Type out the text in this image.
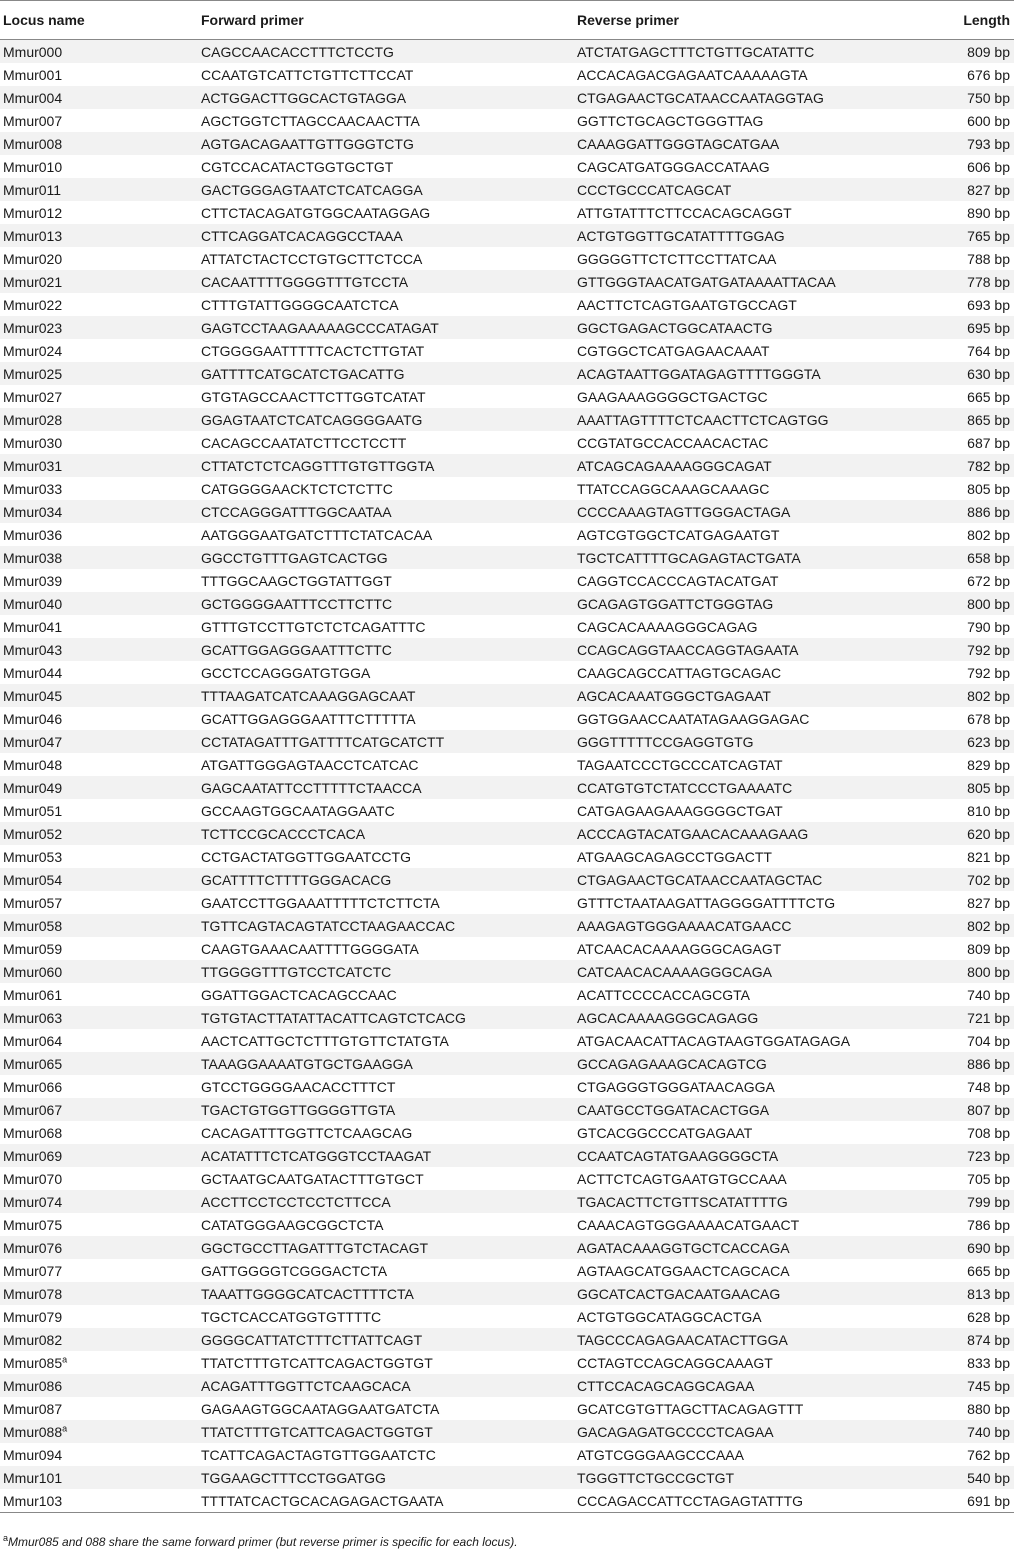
Locus name	Forward primer	Reverse primer	Length
Mmur000	CAGCCAACACCTTTCTCCTG	ATCTATGAGCTTTCTGTTGCATATTC	809 bp
Mmur001	CCAATGTCATTCTGTTCTTCCAT	ACCACAGACGAGAATCAAAAAGTA	676 bp
Mmur004	ACTGGACTTGGCACTGTAGGA	CTGAGAACTGCATAACCAATAGGTAG	750 bp
Mmur007	AGCTGGTCTTAGCCAACAACTTA	GGTTCTGCAGCTGGGTTAG	600 bp
Mmur008	AGTGACAGAATTGTTGGGTCTG	CAAAGGATTGGGTAGCATGAA	793 bp
Mmur010	CGTCCACATACTGGTGCTGT	CAGCATGATGGGACCATAAG	606 bp
Mmur011	GACTGGGAGTAATCTCATCAGGA	CCCTGCCCATCAGCAT	827 bp
Mmur012	CTTCTACAGATGTGGCAATAGGAG	ATTGTATTTCTTCCACAGCAGGT	890 bp
Mmur013	CTTCAGGATCACAGGCCTAAA	ACTGTGGTTGCATATTTTGGAG	765 bp
Mmur020	ATTATCTACTCCTGTGCTTCTCCA	GGGGGTTCTCTTCCTTATCAA	788 bp
Mmur021	CACAATTTTGGGGTTTGTCCTA	GTTGGGTAACATGATGATAAAATTACAA	778 bp
Mmur022	CTTTGTATTGGGGCAATCTCA	AACTTCTCAGTGAATGTGCCAGT	693 bp
Mmur023	GAGTCCTAAGAAAAAGCCCATAGAT	GGCTGAGACTGGCATAACTG	695 bp
Mmur024	CTGGGGAATTTTTCACTCTTGTAT	CGTGGCTCATGAGAACAAAT	764 bp
Mmur025	GATTTTCATGCATCTGACATTG	ACAGTAATTGGATAGAGTTTTGGGTA	630 bp
Mmur027	GTGTAGCCAACTTCTTGGTCATAT	GAAGAAAGGGGCTGACTGC	665 bp
Mmur028	GGAGTAATCTCATCAGGGGAATG	AAATTAGTTTTCTCAACTTCTCAGTGG	865 bp
Mmur030	CACAGCCAATATCTTCCTCCTT	CCGTATGCCACCAACACTAC	687 bp
Mmur031	CTTATCTCTCAGGTTTGTGTTGGTA	ATCAGCAGAAAAGGGCAGAT	782 bp
Mmur033	CATGGGGAACKTCTCTCTTC	TTATCCAGGCAAAGCAAAGC	805 bp
Mmur034	CTCCAGGGATTTGGCAATAA	CCCCAAAGTAGTTGGGACTAGA	886 bp
Mmur036	AATGGGAATGATCTTTCTATCACAA	AGTCGTGGCTCATGAGAATGT	802 bp
Mmur038	GGCCTGTTTGAGTCACTGG	TGCTCATTTTGCAGAGTACTGATA	658 bp
Mmur039	TTTGGCAAGCTGGTATTGGT	CAGGTCCACCCAGTACATGAT	672 bp
Mmur040	GCTGGGGAATTTCCTTCTTC	GCAGAGTGGATTCTGGGTAG	800 bp
Mmur041	GTTTGTCCTTGTCTCTCAGATTTC	CAGCACAAAAGGGCAGAG	790 bp
Mmur043	GCATTGGAGGGAATTTCTTC	CCAGCAGGTAACCAGGTAGAATA	792 bp
Mmur044	GCCTCCAGGGATGTGGA	CAAGCAGCCATTAGTGCAGAC	792 bp
Mmur045	TTTAAGATCATCAAAGGAGCAAT	AGCACAAATGGGCTGAGAAT	802 bp
Mmur046	GCATTGGAGGGAATTTCTTTTTA	GGTGGAACCAATATAGAAGGAGAC	678 bp
Mmur047	CCTATAGATTTGATTTTCATGCATCTT	GGGTTTTTCCGAGGTGTG	623 bp
Mmur048	ATGATTGGGAGTAACCTCATCAC	TAGAATCCCTGCCCATCAGTAT	829 bp
Mmur049	GAGCAATATTCCTTTTTCTAACCA	CCATGTGTCTATCCCTGAAAATC	805 bp
Mmur051	GCCAAGTGGCAATAGGAATC	CATGAGAAGAAAGGGGCTGAT	810 bp
Mmur052	TCTTCCGCACCCTCACA	ACCCAGTACATGAACACAAAGAAG	620 bp
Mmur053	CCTGACTATGGTTGGAATCCTG	ATGAAGCAGAGCCTGGACTT	821 bp
Mmur054	GCATTTTCTTTTGGGACACG	CTGAGAACTGCATAACCAATAGCTAC	702 bp
Mmur057	GAATCCTTGGAAATTTTTCTCTTCTA	GTTTCTAATAAGATTAGGGGATTTTCTG	827 bp
Mmur058	TGTTCAGTACAGTATCCTAAGAACCAC	AAAGAGTGGGAAAACATGAACC	802 bp
Mmur059	CAAGTGAAACAATTTTGGGGATA	ATCAACACAAAAGGGCAGAGT	809 bp
Mmur060	TTGGGGTTTGTCCTCATCTC	CATCAACACAAAAGGGCAGA	800 bp
Mmur061	GGATTGGACTCACAGCCAAC	ACATTCCCCACCAGCGTA	740 bp
Mmur063	TGTGTACTTATATTACATTCAGTCTCACG	AGCACAAAAGGGCAGAGG	721 bp
Mmur064	AACTCATTGCTCTTTGTGTTCTATGTA	ATGACAACATTACAGTAAGTGGATAGAGA	704 bp
Mmur065	TAAAGGAAAATGTGCTGAAGGA	GCCAGAGAAAGCACAGTCG	886 bp
Mmur066	GTCCTGGGGAACACCTTTCT	CTGAGGGTGGGATAACAGGA	748 bp
Mmur067	TGACTGTGGTTGGGGTTGTA	CAATGCCTGGATACACTGGA	807 bp
Mmur068	CACAGATTTGGTTCTCAAGCAG	GTCACGGCCCATGAGAAT	708 bp
Mmur069	ACATATTTCTCATGGGTCCTAAGAT	CCAATCAGTATGAAGGGGCTA	723 bp
Mmur070	GCTAATGCAATGATACTTTGTGCT	ACTTCTCAGTGAATGTGCCAAA	705 bp
Mmur074	ACCTTCCTCCTCCTCTTCCA	TGACACTTCTGTTSCATATTTTG	799 bp
Mmur075	CATATGGGAAGCGGCTCTA	CAAACAGTGGGAAAACATGAACT	786 bp
Mmur076	GGCTGCCTTAGATTTGTCTACAGT	AGATACAAAGGTGCTCACCAGA	690 bp
Mmur077	GATTGGGGTCGGGACTCTA	AGTAAGCATGGAACTCAGCACA	665 bp
Mmur078	TAAATTGGGGCATCACTTTTCTA	GGCATCACTGACAATGAACAG	813 bp
Mmur079	TGCTCACCATGGTGTTTTC	ACTGTGGCATAGGCACTGA	628 bp
Mmur082	GGGGCATTATCTTTCTTATTCAGT	TAGCCCAGAGAACATACTTGGA	874 bp
Mmur085$^a$	TTATCTTTGTCATTCAGACTGGTGT	CCTAGTCCAGCAGGCAAAGT	833 bp
Mmur086	ACAGATTTGGTTCTCAAGCACA	CTTCCACAGCAGGCAGAA	745 bp
Mmur087	GAGAAGTGGCAATAGGAATGATCTA	GCATCGTGTTAGCTTACAGAGTTT	880 bp
Mmur088$^a$	TTATCTTTGTCATTCAGACTGGTGT	GACAGAGATGCCCCTCAGAA	740 bp
Mmur094	TCATTCAGACTAGTGTTGGAATCTC	ATGTCGGGAAGCCCAAA	762 bp
Mmur101	TGGAAGCTTTCCTGGATGG	TGGGTTCTGCCGCTGT	540 bp
Mmur103	TTTTATCACTGCACAGAGACTGAATA	CCCAGACCATTCCTAGAGTATTTG	691 bp
$^a$Mmur085 and 088 share the same forward primer (but reverse primer is specific for each locus).
